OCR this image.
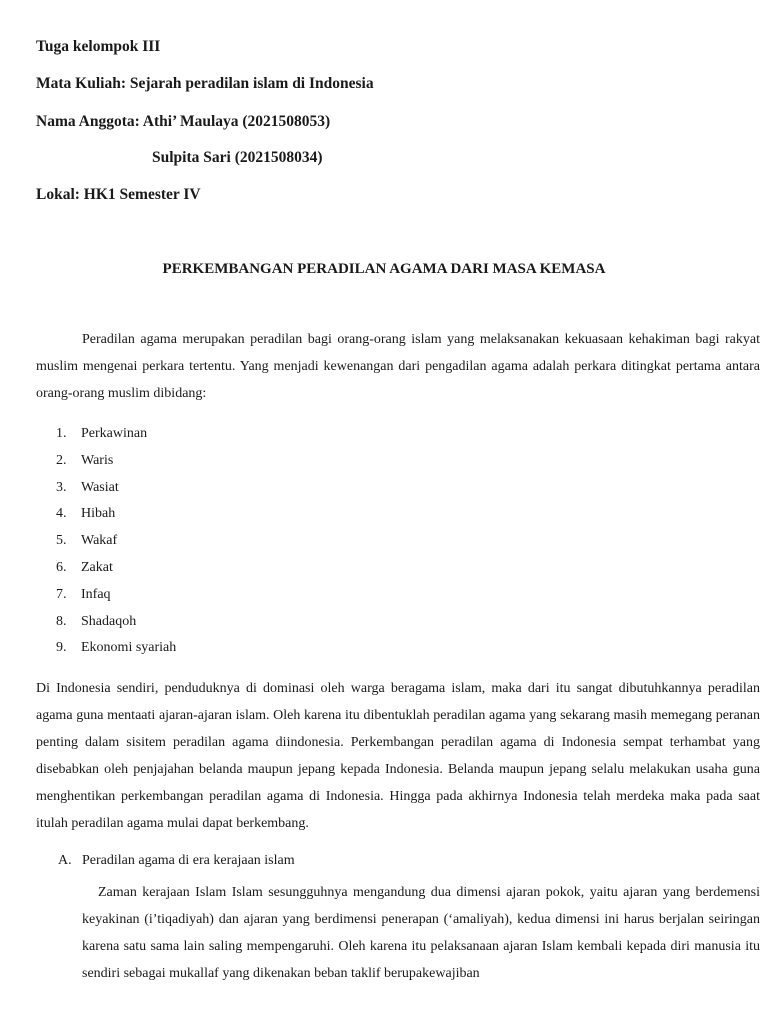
Tuga kelompok III

Mata Kuliah: Sejarah peradilan islam di Indonesia

Nama Anggota: Athi’ Maulaya (2021508053)

Sulpita Sari (2021508034)

Lokal: HK1 Semester IV

PERKEMBANGAN PERADILAN AGAMA DARI MASA KEMASA

Peradilan agama merupakan peradilan bagi orang-orang islam yang melaksanakan kekuasaan kehakiman bagi rakyat muslim mengenai perkara tertentu. Yang menjadi kewenangan dari pengadilan agama adalah perkara ditingkat pertama antara orang-orang muslim dibidang:

1. Perkawinan
2. Waris
3. Wasiat
4. Hibah
5. Wakaf
6. Zakat
7. Infaq
8. Shadaqoh
9. Ekonomi syariah

Di Indonesia sendiri, penduduknya di dominasi oleh warga beragama islam, maka dari itu sangat dibutuhkannya peradilan agama guna mentaati ajaran-ajaran islam. Oleh karena itu dibentuklah peradilan agama yang sekarang masih memegang peranan penting dalam sisitem peradilan agama diindonesia. Perkembangan peradilan agama di Indonesia sempat terhambat yang disebabkan oleh penjajahan belanda maupun jepang kepada Indonesia. Belanda maupun jepang selalu melakukan usaha guna menghentikan perkembangan peradilan agama di Indonesia. Hingga pada akhirnya Indonesia telah merdeka maka pada saat itulah peradilan agama mulai dapat berkembang.

A. Peradilan agama di era kerajaan islam

Zaman kerajaan Islam Islam sesungguhnya mengandung dua dimensi ajaran pokok, yaitu ajaran yang berdemensi keyakinan (i’tiqadiyah) dan ajaran yang berdimensi penerapan (‘amaliyah), kedua dimensi ini harus berjalan seiringan karena satu sama lain saling mempengaruhi. Oleh karena itu pelaksanaan ajaran Islam kembali kepada diri manusia itu sendiri sebagai mukallaf yang dikenakan beban taklif berupakewajiban
